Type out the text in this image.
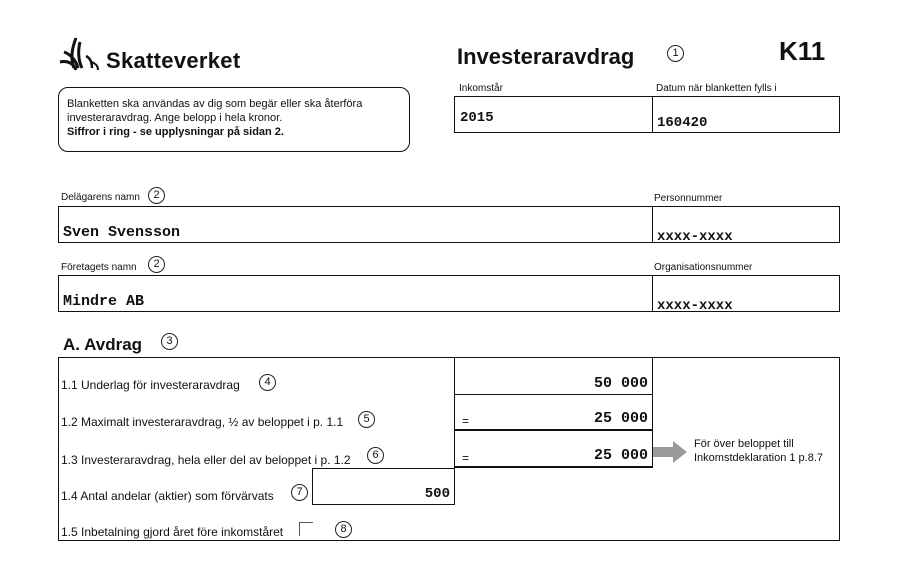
Skatteverket
Blanketten ska användas av dig som begär eller ska återföra
investeraravdrag. Ange belopp i hela kronor.
Siffror i ring - se upplysningar på sidan 2.
Investeraravdrag	1	K11
Inkomstår	Datum när blanketten fylls i
2015	160420
Delägarens namn	2	Personnummer
Sven Svensson	xxxx-xxxx
Företagets namn	2	Organisationsnummer
Mindre AB	xxxx-xxxx
A. Avdrag	3
1.1 Underlag för investeraravdrag	4	50 000
1.2 Maximalt investeraravdrag, ½ av beloppet i p. 1.1	5	=	25 000
1.3 Investeraravdrag, hela eller del av beloppet i p. 1.2	6	=	25 000
För över beloppet till
Inkomstdeklaration 1 p.8.7
1.4 Antal andelar (aktier) som förvärvats	7	500
1.5 Inbetalning gjord året före inkomståret	8
